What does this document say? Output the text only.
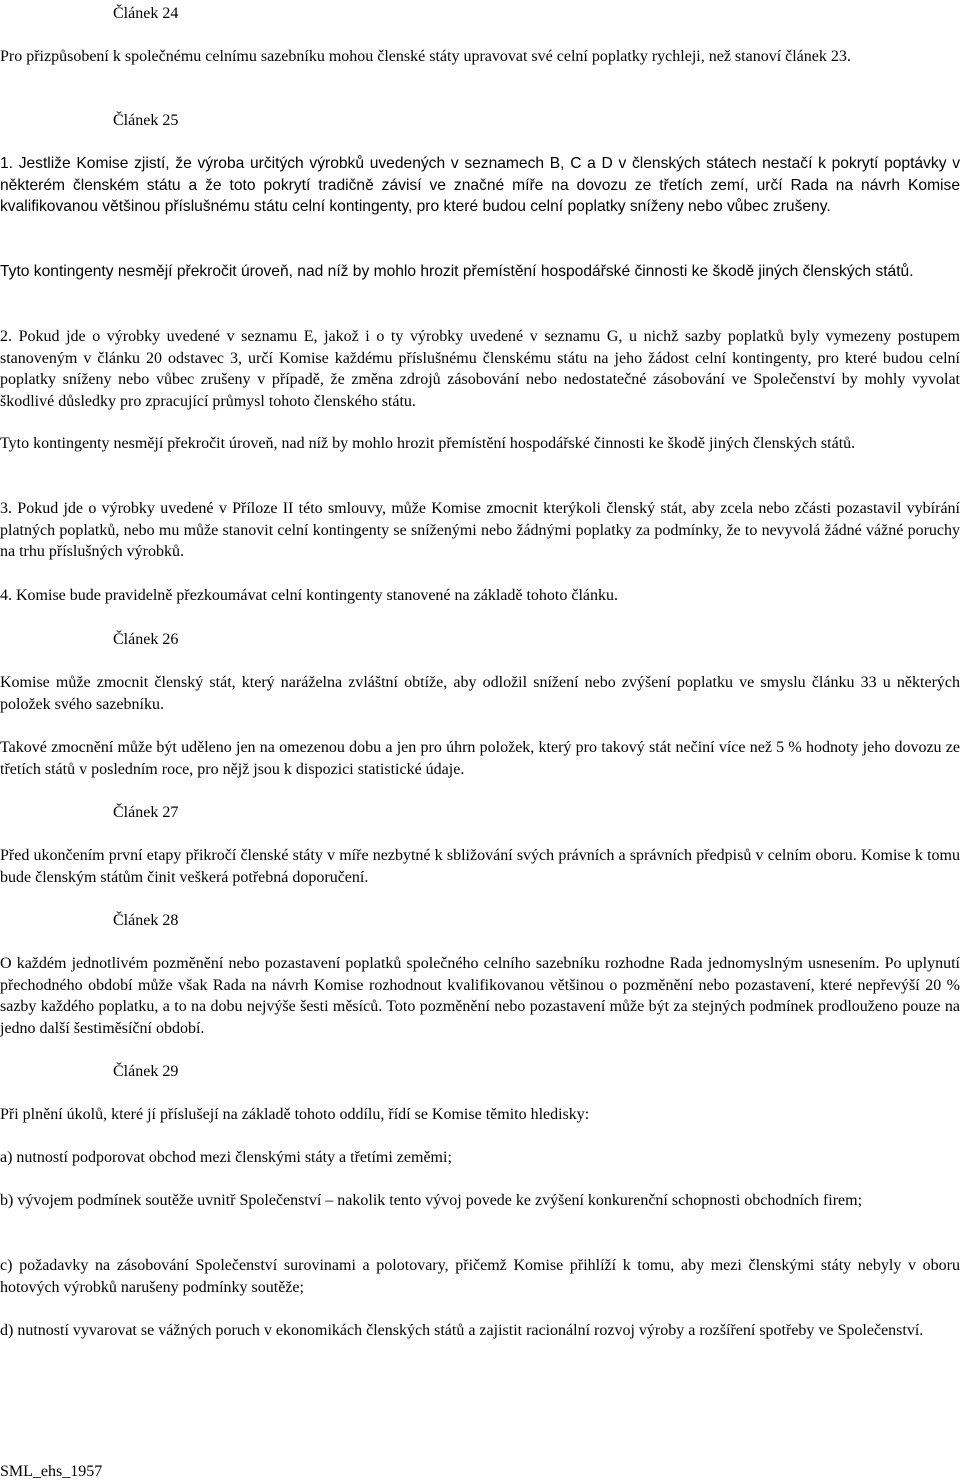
Článek 24

Pro přizpůsobení k společnému celnímu sazebníku mohou členské státy upravovat své celní poplatky rychleji, než stanoví článek 23.

Článek 25

1. Jestliže Komise zjistí, že výroba určitých výrobků uvedených v seznamech B, C a D v členských státech nestačí k pokrytí poptávky v některém členském státu a že toto pokrytí tradičně závisí ve značné míře na dovozu ze třetích zemí, určí Rada na návrh Komise kvalifikovanou většinou příslušnému státu celní kontingenty, pro které budou celní poplatky sníženy nebo vůbec zrušeny.

Tyto kontingenty nesmějí překročit úroveň, nad níž by mohlo hrozit přemístění hospodářské činnosti ke škodě jiných členských států.

2. Pokud jde o výrobky uvedené v seznamu E, jakož i o ty výrobky uvedené v seznamu G, u nichž sazby poplatků byly vymezeny postupem stanoveným v článku 20 odstavec 3, určí Komise každému příslušnému členskému státu na jeho žádost celní kontingenty, pro které budou celní poplatky sníženy nebo vůbec zrušeny v případě, že změna zdrojů zásobování nebo nedostatečné zásobování ve Společenství by mohly vyvolat škodlivé důsledky pro zpracující průmysl tohoto členského státu.

Tyto kontingenty nesmějí překročit úroveň, nad níž by mohlo hrozit přemístění hospodářské činnosti ke škodě jiných členských států.

3. Pokud jde o výrobky uvedené v Příloze II této smlouvy, může Komise zmocnit kterýkoli členský stát, aby zcela nebo zčásti pozastavil vybírání platných poplatků, nebo mu může stanovit celní kontingenty se sníženými nebo žádnými poplatky za podmínky, že to nevyvolá žádné vážné poruchy na trhu příslušných výrobků.

4. Komise bude pravidelně přezkoumávat celní kontingenty stanovené na základě tohoto článku.

Článek 26

Komise může zmocnit členský stát, který naráželna zvláštní obtíže, aby odložil snížení nebo zvýšení poplatku ve smyslu článku 33 u některých položek svého sazebníku.

Takové zmocnění může být uděleno jen na omezenou dobu a jen pro úhrn položek, který pro takový stát nečiní více než 5 % hodnoty jeho dovozu ze třetích států v posledním roce, pro nějž jsou k dispozici statistické údaje.

Článek 27

Před ukončením první etapy přikročí členské státy v míře nezbytné k sbližování svých právních a správních předpisů v celním oboru. Komise k tomu bude členským státům činit veškerá potřebná doporučení.

Článek 28

O každém jednotlivém pozměnění nebo pozastavení poplatků společného celního sazebníku rozhodne Rada jednomyslným usnesením. Po uplynutí přechodného období může však Rada na návrh Komise rozhodnout kvalifikovanou většinou o pozměnění nebo pozastavení, které nepřevýší 20 % sazby každého poplatku, a to na dobu nejvýše šesti měsíců. Toto pozměnění nebo pozastavení může být za stejných podmínek prodlouženo pouze na jedno další šestiměsíční období.

Článek 29

Při plnění úkolů, které jí příslušejí na základě tohoto oddílu, řídí se Komise těmito hledisky:

a) nutností podporovat obchod mezi členskými státy a třetími zeměmi;

b) vývojem podmínek soutěže uvnitř Společenství – nakolik tento vývoj povede ke zvýšení konkurenční schopnosti obchodních firem;

c) požadavky na zásobování Společenství surovinami a polotovary, přičemž Komise přihlíží k tomu, aby mezi členskými státy nebyly v oboru hotových výrobků narušeny podmínky soutěže;

d) nutností vyvarovat se vážných poruch v ekonomikách členských států a zajistit racionální rozvoj výroby a rozšíření spotřeby ve Společenství.

SML_ehs_1957
